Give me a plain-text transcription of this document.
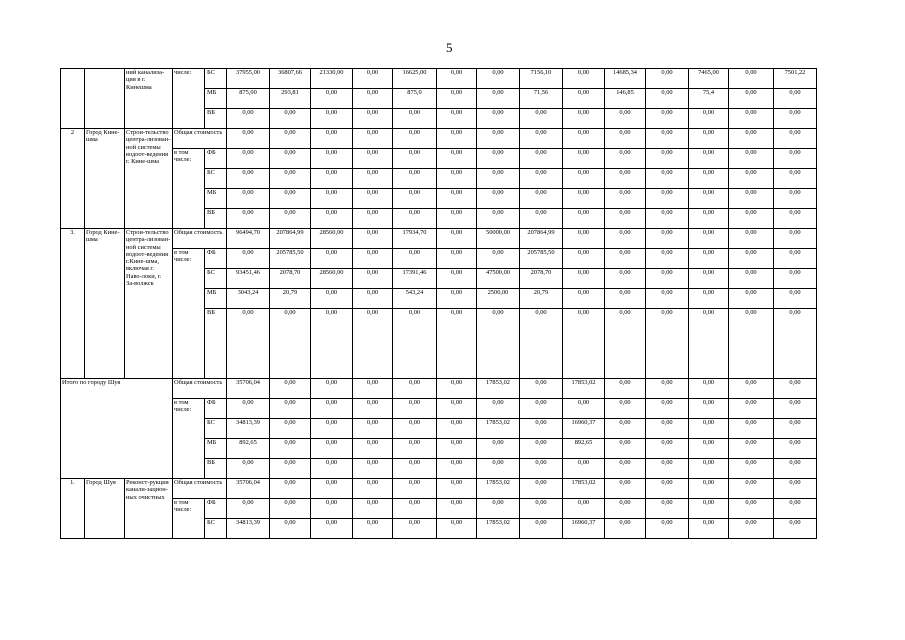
5
		ний канализа-ция в г. Кинешма	числе:	БС	37955,00	36807,66	21330,00	0,00	16625,00	0,00	0,00	7156,10	0,00	14685,34	0,00	7465,00	0,00	7501,22
				МБ	875,00	293,81	0,00	0,00	875,0	0,00	0,00	71,56	0,00	146,85	0,00	75,4	0,00	0,00
				ВБ	0,00	0,00	0,00	0,00	0,00	0,00	0,00	0,00	0,00	0,00	0,00	0,00	0,00	0,00
2	Город Кине-шма	Строи-тельство центра-лизован-ной системы водоот-ведения г. Кине-шма	Общая стоимость		0,00	0,00	0,00	0,00	0,00	0,00	0,00	0,00	0,00	0,00	0,00	0,00	0,00	0,00
			в том числе:	ФБ	0,00	0,00	0,00	0,00	0,00	0,00	0,00	0,00	0,00	0,00	0,00	0,00	0,00	0,00
				БС	0,00	0,00	0,00	0,00	0,00	0,00	0,00	0,00	0,00	0,00	0,00	0,00	0,00	0,00
				МБ	0,00	0,00	0,00	0,00	0,00	0,00	0,00	0,00	0,00	0,00	0,00	0,00	0,00	0,00
				ВБ	0,00	0,00	0,00	0,00	0,00	0,00	0,00	0,00	0,00	0,00	0,00	0,00	0,00	0,00
3.	Город Кине-шма	Строи-тельство центра-лизован-ной системы водоот-ведения г.Кине-шма, включая г. Наво-локи, г. За-волжск	Общая стоимость		96494,70	207864,99	28560,00	0,00	17934,70	0,00	50000,00	207864,99	0,00	0,00	0,00	0,00	0,00	0,00
			в том числе:	ФБ	0,00	205785,50	0,00	0,00	0,00	0,00	0,00	205785,50	0,00	0,00	0,00	0,00	0,00	0,00
				БС	93451,46	2078,70	28560,00	0,00	17391,46	0,00	47500,00	2078,70	0,00	0,00	0,00	0,00	0,00	0,00
				МБ	3043,24	20,79	0,00	0,00	543,24	0,00	2500,00	20,79	0,00	0,00	0,00	0,00	0,00	0,00
				ВБ	0,00	0,00	0,00	0,00	0,00	0,00	0,00	0,00	0,00	0,00	0,00	0,00	0,00	0,00
Итого по городу Шуя			Общая стоимость		35706,04	0,00	0,00	0,00	0,00	0,00	17853,02	0,00	17853,02	0,00	0,00	0,00	0,00	0,00
			в том числе:	ФБ	0,00	0,00	0,00	0,00	0,00	0,00	0,00	0,00	0,00	0,00	0,00	0,00	0,00	0,00
				БС	34813,39	0,00	0,00	0,00	0,00	0,00	17853,02	0,00	16960,37	0,00	0,00	0,00	0,00	0,00
				МБ	892,65	0,00	0,00	0,00	0,00	0,00	0,00	0,00	892,65	0,00	0,00	0,00	0,00	0,00
				ВБ	0,00	0,00	0,00	0,00	0,00	0,00	0,00	0,00	0,00	0,00	0,00	0,00	0,00	0,00
1.	Город Шуя	Реконст-рукция канали-зацион-ных очистных	Общая стоимость		35706,04	0,00	0,00	0,00	0,00	0,00	17853,02	0,00	17853,02	0,00	0,00	0,00	0,00	0,00
			в том числе:	ФБ	0,00	0,00	0,00	0,00	0,00	0,00	0,00	0,00	0,00	0,00	0,00	0,00	0,00	0,00
				БС	34813,39	0,00	0,00	0,00	0,00	0,00	17853,02	0,00	16960,37	0,00	0,00	0,00	0,00	0,00
